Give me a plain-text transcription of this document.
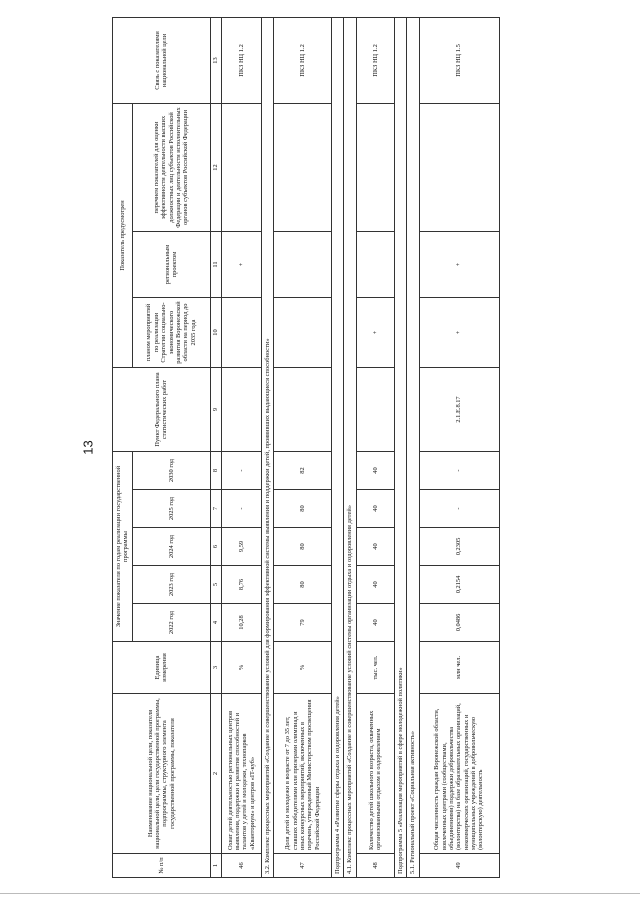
13
№ п/п	Наименование национальной цели, показателя национальной цели, цели государственной программы, подпрограммы, структурного элемента государственной программы, показателя	Единица измерения	Значение показателя по годам реализации государственной программы					Пункт Федерального плана статистических работ	Показатель предусмотрен			Связь с показателями национальной цели
			2022 год	2023 год	2024 год	2025 год	2030 год		планом мероприятий по реализации Стратегии социально-экономического развития Воронежской области на период до 2035 года	региональным проектом	перечнем показателей для оценки эффективности деятельности высших должностных лиц субъектов Российской Федерации и деятельности исполнительных органов субъектов Российской Федерации	
1	2	3	4	5	6	7	8	9	10	11	12	13
46	Охват детей деятельностью региональных центров выявления, поддержки и развития способностей и талантов у детей и молодежи, технопарков «Кванториум» и центров «IT-куб»	%	10,28	8,76	9,59	-	-			+		ПКЗ НЦ 1.2
3.2. Комплекс процессных мероприятий «Создание и совершенствование условий для формирования эффективной системы выявления и поддержки детей, проявивших выдающиеся способности»												
47	Доля детей и молодежи в возрасте от 7 до 35 лет, ставших победителями или призерами олимпиад и иных конкурсных мероприятий, включенных в перечень, утвержденный Министерством просвещения Российской Федерации	%	79	80	80	80	82					ПКЗ НЦ 1.2
Подпрограмма 4 «Развитие сферы отдыха и оздоровления детей»												
4.1. Комплекс процессных мероприятий «Создание и совершенствование условий системы организации отдыха и оздоровления детей»												
48	Количество детей школьного возраста, охваченных организованными отдыхом и оздоровлением	тыс. чел.	40	40	40	40	40		+			ПКЗ НЦ 1.2
Подпрограмма 5 «Реализация мероприятий в сфере молодежной политики»												
5.1. Региональный проект «Социальная активность»												
49	Общая численность граждан Воронежской области, вовлеченных центрами (сообществами, объединениями) поддержки добровольчества (волонтерства) на базе образовательных организаций, некоммерческих организаций, государственных и муниципальных учреждений в добровольческую (волонтерскую) деятельность	млн чел.	0,0486	0,2154	0,2305	-	-	2.1.Е.8.17	+	+		ПКЗ НЦ 1.5
